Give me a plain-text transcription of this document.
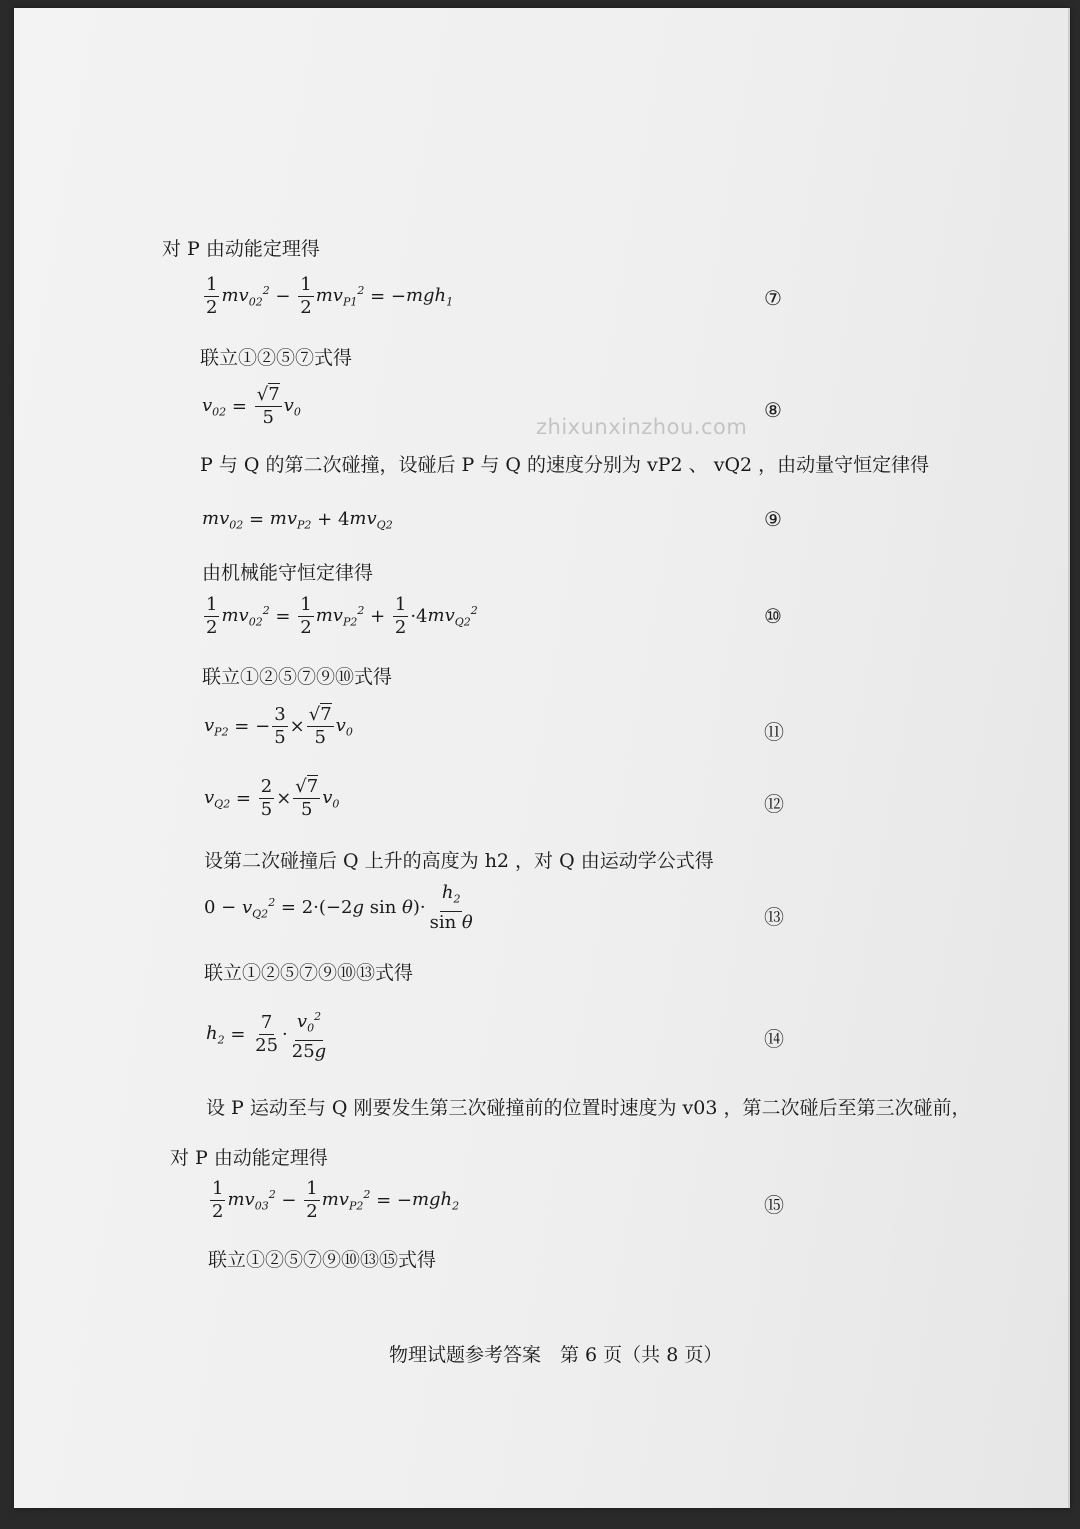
对 P 由动能定理得
$\frac{1}{2} mv_{02}^2 - \frac{1}{2} mv_{P1}^2$ = − mgh$_1$	⑦
联立①②⑤⑦式得
$v_{02} = \frac{√7}{5} v_0$	⑧
zhixunxinzhou.com
P 与 Q 的第二次碰撞，设碰后 P 与 Q 的速度分别为 vP2 、 vQ2 ，由动量守恒定律得
$mv_{02} = mv_{P2} + 4$ $mv_{Q2}$	⑨
由机械能守恒定律得
$\frac{1}{2} mv_{02}^2 = \frac{1}{2} mv_{P2}^2 + \frac{1}{2} \cdot 4$ $mv_{Q2}^2$	⑩
联立①②⑤⑦⑨⑩式得
$v_{P2}$ = − $\frac{3}{5} \times \frac{√7}{5} v_0$	⑪
$v_{Q2} = \frac{2}{5} \times \frac{√7}{5} v_0$	⑫
设第二次碰撞后 Q 上升的高度为 h2 ，对 Q 由运动学公式得
$0 - v_{Q2}^2 = 2\cdot(-2$ g sin θ )· $\frac{h_2}{\text{sin θ}}$	⑬
联立①②⑤⑦⑨⑩⑬式得
$h_2 = \frac{7}{25} \cdot \frac{v_0^2}{25g}$	⑭
设 P 运动至与 Q 刚要发生第三次碰撞前的位置时速度为 v03 ，第二次碰后至第三次碰前，
对 P 由动能定理得
$\frac{1}{2} mv_{03}^2 - \frac{1}{2} mv_{P2}^2$ = − mgh$_2$	⑮
联立①②⑤⑦⑨⑩⑬⑮式得
物理试题参考答案　第 6 页（共 8 页）
